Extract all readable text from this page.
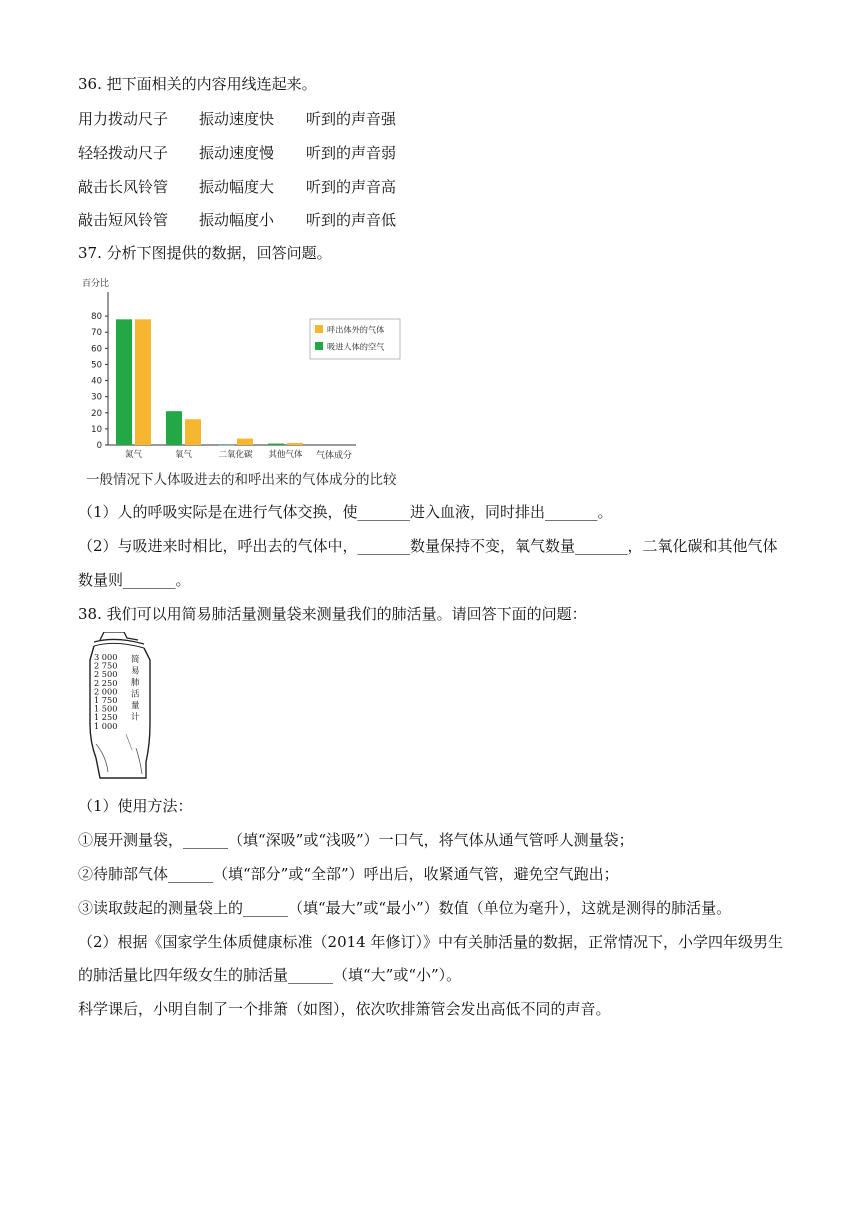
36. 把下面相关的内容用线连起来。
用力拨动尺子 振动速度快 听到的声音强
轻轻拨动尺子 振动速度慢 听到的声音弱
敲击长风铃管 振动幅度大 听到的声音高
敲击短风铃管 振动幅度小 听到的声音低
37. 分析下图提供的数据，回答问题。
百分比
气体成分
0
10
20
30
40
50
60
70
80
氮气	氧气	二氧化碳 其他气体
呼出体外的气体
吸进人体的空气
一般情况下人体吸进去的和呼出来的气体成分的比较
（1）人的呼吸实际是在进行气体交换，使_______进入血液，同时排出_______。
（2）与吸进来时相比，呼出去的气体中，_______数量保持不变，氧气数量_______，二氧化碳和其他气体
数量则_______。
38. 我们可以用简易肺活量测量袋来测量我们的肺活量。请回答下面的问题：
3 000
2 750
2 500
2 250
2 000
1 750
1 500
1 250
1 000
简
易
肺
活
量
计
（1）使用方法：
①展开测量袋，______（填“深吸”或“浅吸”）一口气，将气体从通气管呼人测量袋；
②待肺部气体______（填“部分”或“全部”）呼出后，收紧通气管，避免空气跑出；
③读取鼓起的测量袋上的______（填“最大”或“最小”）数值（单位为毫升），这就是测得的肺活量。
（2）根据《国家学生体质健康标准（2014 年修订）》中有关肺活量的数据，正常情况下，小学四年级男生
的肺活量比四年级女生的肺活量______（填“大”或“小”）。
科学课后，小明自制了一个排箫（如图），依次吹排箫管会发出高低不同的声音。
